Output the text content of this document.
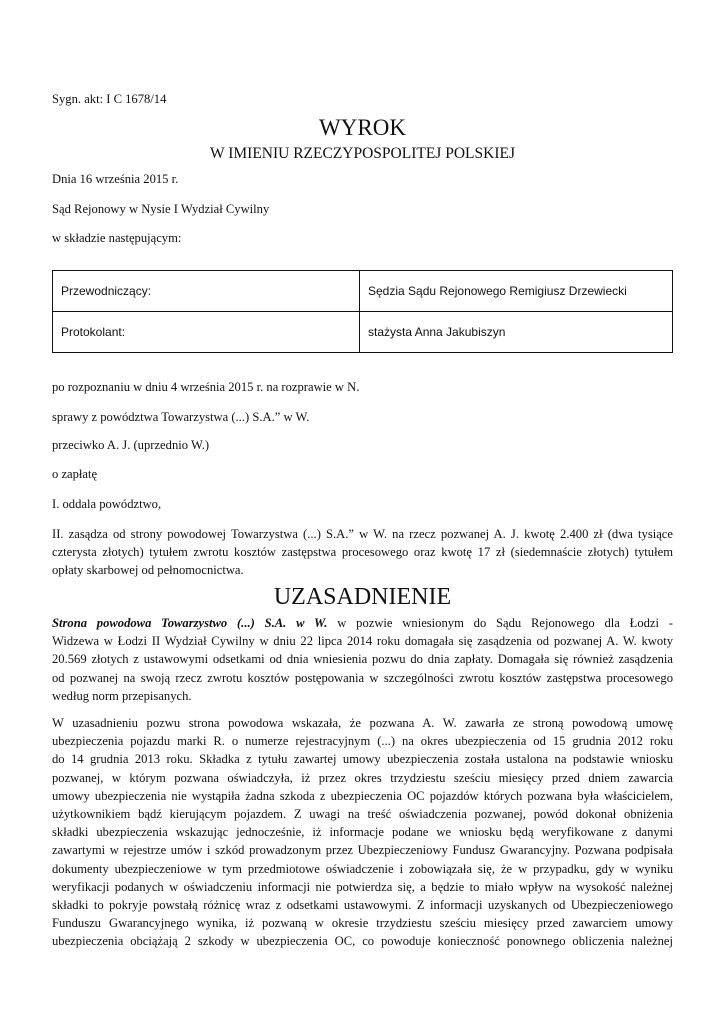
Sygn. akt: I C 1678/14
WYROK
W IMIENIU RZECZYPOSPOLITEJ POLSKIEJ
Dnia 16 września 2015 r.
Sąd Rejonowy w Nysie I Wydział Cywilny
w składzie następującym:
Przewodniczący:	Sędzia Sądu Rejonowego Remigiusz Drzewiecki
Protokolant:	stażysta Anna Jakubiszyn
po rozpoznaniu w dniu 4 września 2015 r. na rozprawie w N.
sprawy z powództwa Towarzystwa (...) S.A.” w W.
przeciwko A. J. (uprzednio W.)
o zapłatę
I. oddala powództwo,
II. zasądza od strony powodowej Towarzystwa (...) S.A.” w W. na rzecz pozwanej A. J. kwotę 2.400 zł (dwa tysiące
czterysta złotych) tytułem zwrotu kosztów zastępstwa procesowego oraz kwotę 17 zł (siedemnaście złotych) tytułem
opłaty skarbowej od pełnomocnictwa.
UZASADNIENIE
Strona powodowa Towarzystwo (...) S.A. w W. w pozwie wniesionym do Sądu Rejonowego dla Łodzi -
Widzewa w Łodzi II Wydział Cywilny w dniu 22 lipca 2014 roku domagała się zasądzenia od pozwanej A. W. kwoty
20.569 złotych z ustawowymi odsetkami od dnia wniesienia pozwu do dnia zapłaty. Domagała się również zasądzenia
od pozwanej na swoją rzecz zwrotu kosztów postępowania w szczególności zwrotu kosztów zastępstwa procesowego
według norm przepisanych.
W uzasadnieniu pozwu strona powodowa wskazała, że pozwana A. W. zawarła ze stroną powodową umowę
ubezpieczenia pojazdu marki R. o numerze rejestracyjnym (...) na okres ubezpieczenia od 15 grudnia 2012 roku
do 14 grudnia 2013 roku. Składka z tytułu zawartej umowy ubezpieczenia została ustalona na podstawie wniosku
pozwanej, w którym pozwana oświadczyła, iż przez okres trzydziestu sześciu miesięcy przed dniem zawarcia
umowy ubezpieczenia nie wystąpiła żadna szkoda z ubezpieczenia OC pojazdów których pozwana była właścicielem,
użytkownikiem bądź kierującym pojazdem. Z uwagi na treść oświadczenia pozwanej, powód dokonał obniżenia
składki ubezpieczenia wskazując jednocześnie, iż informacje podane we wniosku będą weryfikowane z danymi
zawartymi w rejestrze umów i szkód prowadzonym przez Ubezpieczeniowy Fundusz Gwarancyjny. Pozwana podpisała
dokumenty ubezpieczeniowe w tym przedmiotowe oświadczenie i zobowiązała się, że w przypadku, gdy w wyniku
weryfikacji podanych w oświadczeniu informacji nie potwierdza się, a będzie to miało wpływ na wysokość należnej
składki to pokryje powstałą różnicę wraz z odsetkami ustawowymi. Z informacji uzyskanych od Ubezpieczeniowego
Funduszu Gwarancyjnego wynika, iż pozwaną w okresie trzydziestu sześciu miesięcy przed zawarciem umowy
ubezpieczenia obciążają 2 szkody w ubezpieczenia OC, co powoduje konieczność ponownego obliczenia należnej
